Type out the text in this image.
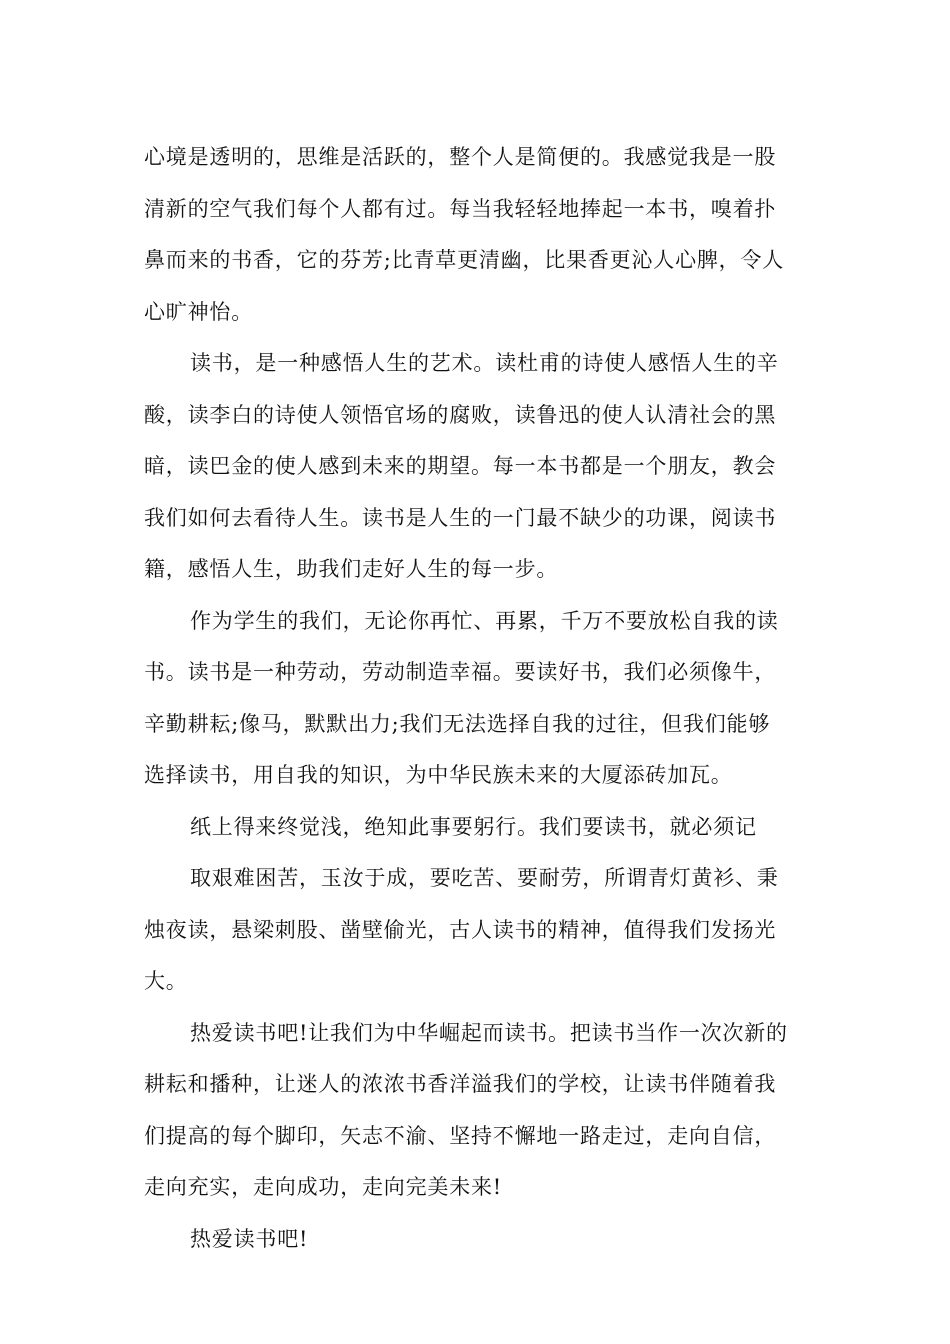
心境是透明的，思维是活跃的，整个人是简便的。我感觉我是一股
清新的空气我们每个人都有过。每当我轻轻地捧起一本书，嗅着扑
鼻而来的书香，它的芬芳;比青草更清幽，比果香更沁人心脾，令人
心旷神怡。
读书，是一种感悟人生的艺术。读杜甫的诗使人感悟人生的辛
酸，读李白的诗使人领悟官场的腐败，读鲁迅的使人认清社会的黑
暗，读巴金的使人感到未来的期望。每一本书都是一个朋友，教会
我们如何去看待人生。读书是人生的一门最不缺少的功课，阅读书
籍，感悟人生，助我们走好人生的每一步。
作为学生的我们，无论你再忙、再累，千万不要放松自我的读
书。读书是一种劳动，劳动制造幸福。要读好书，我们必须像牛，
辛勤耕耘;像马，默默出力;我们无法选择自我的过往，但我们能够
选择读书，用自我的知识，为中华民族未来的大厦添砖加瓦。
纸上得来终觉浅，绝知此事要躬行。我们要读书，就必须记
取艰难困苦，玉汝于成，要吃苦、要耐劳，所谓青灯黄衫、秉
烛夜读，悬梁刺股、凿壁偷光，古人读书的精神，值得我们发扬光
大。
热爱读书吧!让我们为中华崛起而读书。把读书当作一次次新的
耕耘和播种，让迷人的浓浓书香洋溢我们的学校，让读书伴随着我
们提高的每个脚印，矢志不渝、坚持不懈地一路走过，走向自信，
走向充实，走向成功，走向完美未来!
热爱读书吧!
